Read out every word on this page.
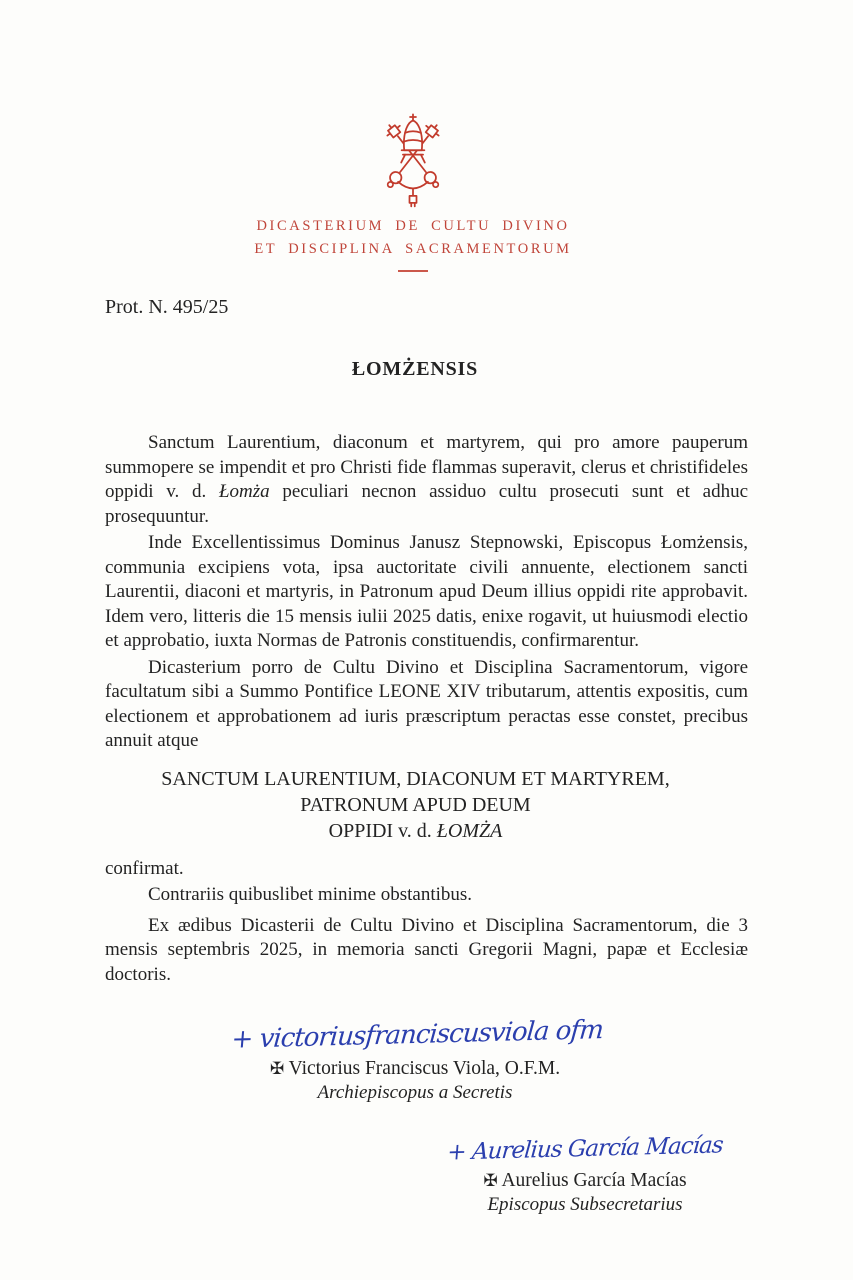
DICASTERIUM DE CULTU DIVINO
ET DISCIPLINA SACRAMENTORUM
Prot. N. 495/25
ŁOMŻENSIS

Sanctum Laurentium, diaconum et martyrem, qui pro amore pauperum summopere se impendit et pro Christi fide flammas superavit, clerus et christifideles oppidi v. d. Łomża peculiari necnon assiduo cultu prosecuti sunt et adhuc prosequuntur.

Inde Excellentissimus Dominus Janusz Stepnowski, Episcopus Łomżensis, communia excipiens vota, ipsa auctoritate civili annuente, electionem sancti Laurentii, diaconi et martyris, in Patronum apud Deum illius oppidi rite approbavit. Idem vero, litteris die 15 mensis iulii 2025 datis, enixe rogavit, ut huiusmodi electio et approbatio, iuxta Normas de Patronis constituendis, confirmarentur.

Dicasterium porro de Cultu Divino et Disciplina Sacramentorum, vigore facultatum sibi a Summo Pontifice LEONE XIV tributarum, attentis expositis, cum electionem et approbationem ad iuris præscriptum peractas esse constet, precibus annuit atque

SANCTUM LAURENTIUM, DIACONUM ET MARTYREM,
PATRONUM APUD DEUM
OPPIDI v. d. ŁOMŻA

confirmat.

Contrariis quibuslibet minime obstantibus.

Ex ædibus Dicasterii de Cultu Divino et Disciplina Sacramentorum, die 3 mensis septembris 2025, in memoria sancti Gregorii Magni, papæ et Ecclesiæ doctoris.

+ victoriusfranciscusviola ofm
✠ Victorius Franciscus Viola, O.F.M.
Archiepiscopus a Secretis
+ Aurelius García Macías
✠ Aurelius García Macías
Episcopus Subsecretarius
